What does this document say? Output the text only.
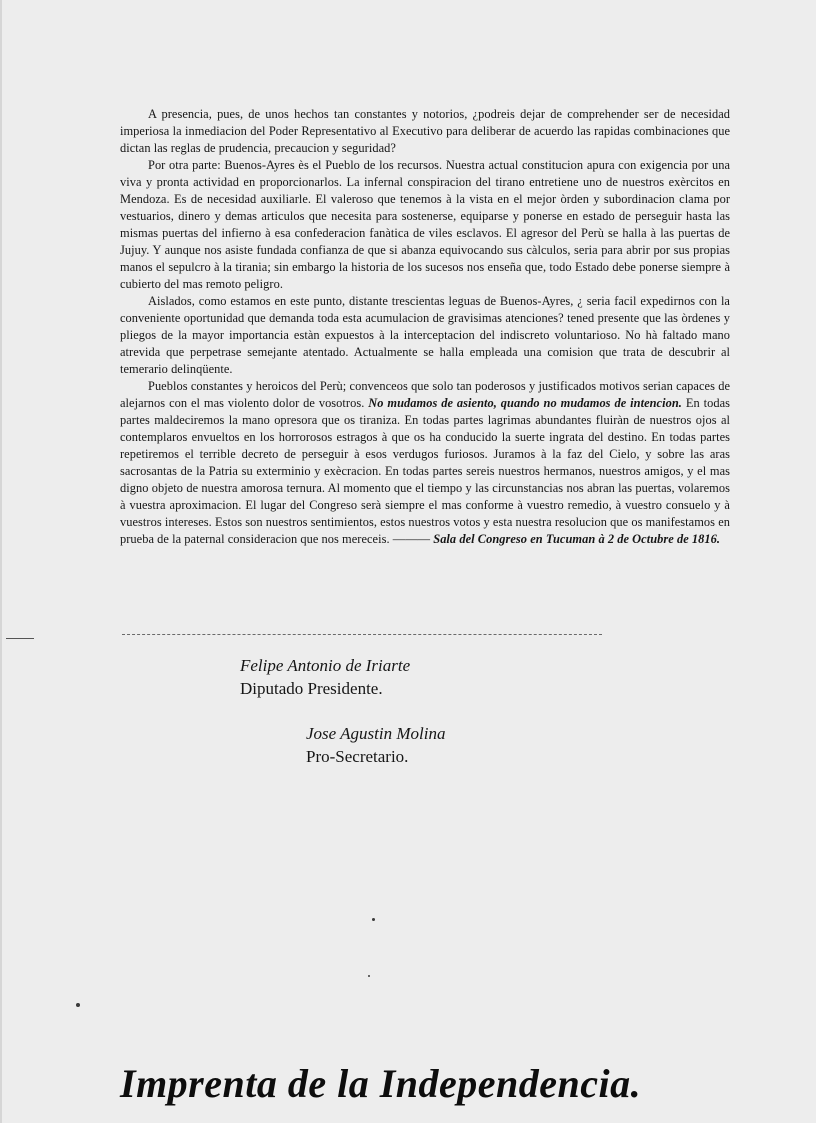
A presencia, pues, de unos hechos tan constantes y notorios, ¿podreis dejar de comprehender ser de necesidad imperiosa la inmediacion del Poder Representativo al Executivo para deliberar de acuerdo las rapidas combinaciones que dictan las reglas de prudencia, precaucion y seguridad?

Por otra parte: Buenos-Ayres ès el Pueblo de los recursos. Nuestra actual constitucion apura con exigencia por una viva y pronta actividad en proporcionarlos. La infernal conspiracion del tirano entretiene uno de nuestros exèrcitos en Mendoza. Es de necesidad auxiliarle. El valeroso que tenemos à la vista en el mejor òrden y subordinacion clama por vestuarios, dinero y demas articulos que necesita para sostenerse, equiparse y ponerse en estado de perseguir hasta las mismas puertas del infierno à esa confederacion fanàtica de viles esclavos. El agresor del Perù se halla à las puertas de Jujuy. Y aunque nos asiste fundada confianza de que si abanza equivocando sus càlculos, seria para abrir por sus propias manos el sepulcro à la tirania; sin embargo la historia de los sucesos nos enseña que, todo Estado debe ponerse siempre à cubierto del mas remoto peligro.

Aislados, como estamos en este punto, distante trescientas leguas de Buenos-Ayres, ¿ seria facil expedirnos con la conveniente oportunidad que demanda toda esta acumulacion de gravisimas atenciones? tened presente que las òrdenes y pliegos de la mayor importancia estàn expuestos à la interceptacion del indiscreto voluntarioso. No hà faltado mano atrevida que perpetrase semejante atentado. Actualmente se halla empleada una comision que trata de descubrir al temerario delinqüente.

Pueblos constantes y heroicos del Perù; convenceos que solo tan poderosos y justificados motivos serian capaces de alejarnos con el mas violento dolor de vosotros. No mudamos de asiento, quando no mudamos de intencion. En todas partes maldeciremos la mano opresora que os tiraniza. En todas partes lagrimas abundantes fluiràn de nuestros ojos al contemplaros envueltos en los horrorosos estragos à que os ha conducido la suerte ingrata del destino. En todas partes repetiremos el terrible decreto de perseguir à esos verdugos furiosos. Juramos à la faz del Cielo, y sobre las aras sacrosantas de la Patria su exterminio y exècracion. En todas partes sereis nuestros hermanos, nuestros amigos, y el mas digno objeto de nuestra amorosa ternura. Al momento que el tiempo y las circunstancias nos abran las puertas, volaremos à vuestra aproximacion. El lugar del Congreso serà siempre el mas conforme à vuestro remedio, à vuestro consuelo y à vuestros intereses. Estos son nuestros sentimientos, estos nuestros votos y esta nuestra resolucion que os manifestamos en prueba de la paternal consideracion que nos mereceis. ——— Sala del Congreso en Tucuman à 2 de Octubre de 1816.

Felipe Antonio de Iriarte
Diputado Presidente.
Jose Agustin Molina
Pro-Secretario.
Imprenta de la Independencia.
